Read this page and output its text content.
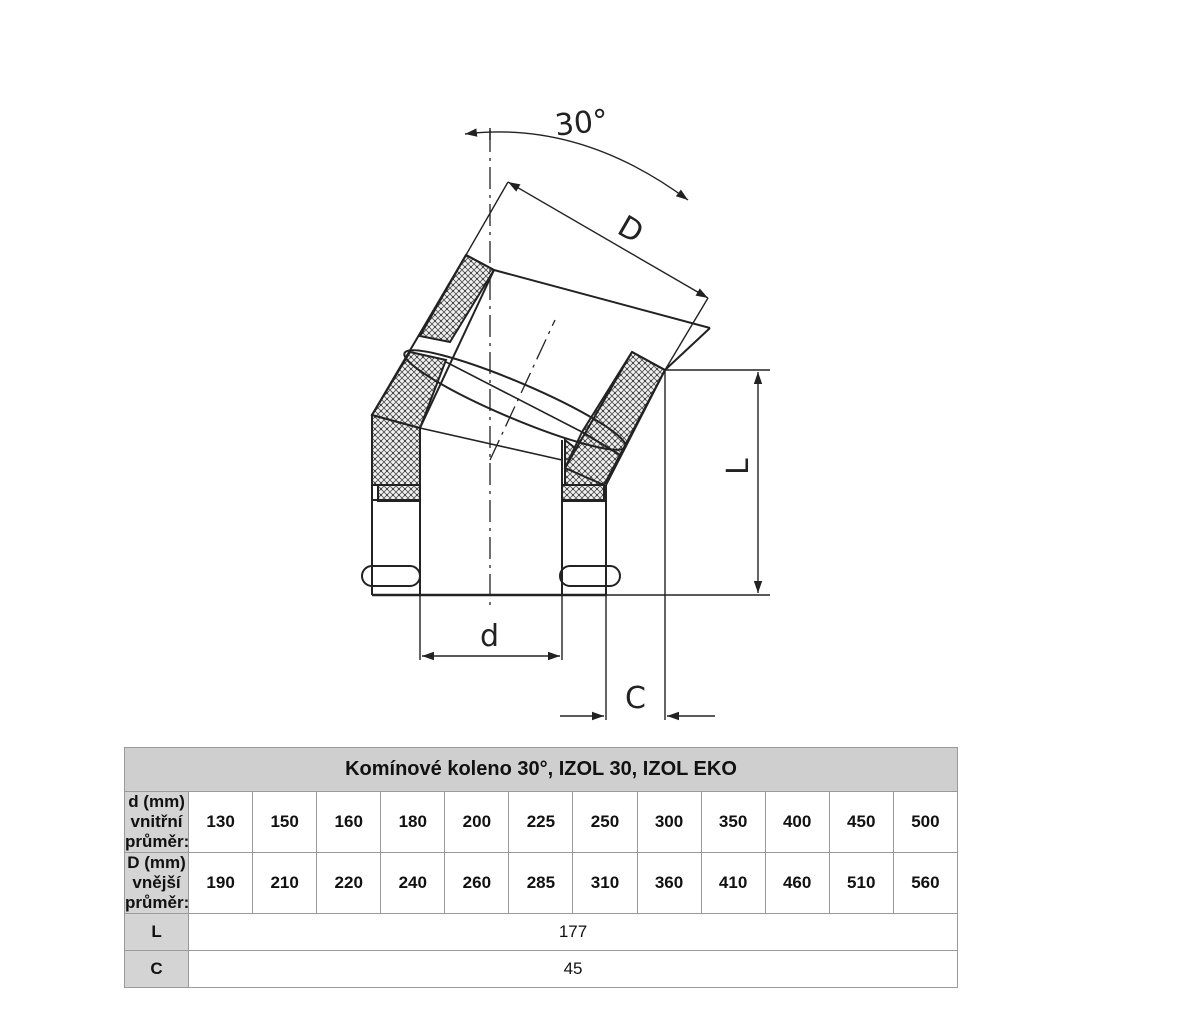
30°
D
d
L
C
Komínové koleno 30°, IZOL 30, IZOL EKO												
d (mm) vnitřní průměr:	130	150	160	180	200	225	250	300	350	400	450	500
D (mm) vnější průměr:	190	210	220	240	260	285	310	360	410	460	510	560
L	177											
C	45											
